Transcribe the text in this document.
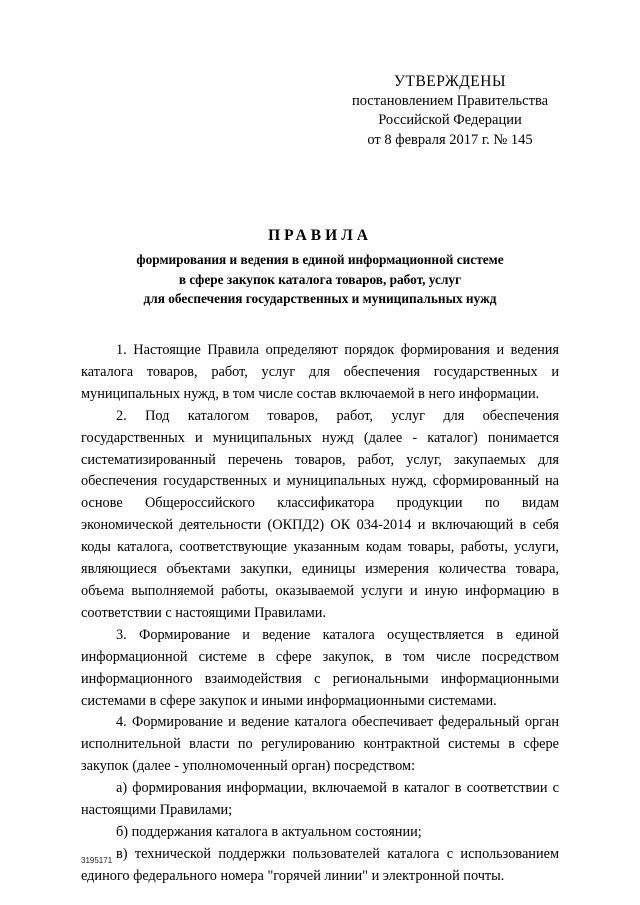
УТВЕРЖДЕНЫ
постановлением Правительства
Российской Федерации
от 8 февраля 2017 г. № 145
ПРАВИЛА
формирования и ведения в единой информационной системе
в сфере закупок каталога товаров, работ, услуг
для обеспечения государственных и муниципальных нужд

1. Настоящие Правила определяют порядок формирования и ведения каталога товаров, работ, услуг для обеспечения государственных и муниципальных нужд, в том числе состав включаемой в него информации.

2. Под каталогом товаров, работ, услуг для обеспечения государственных и муниципальных нужд (далее - каталог) понимается систематизированный перечень товаров, работ, услуг, закупаемых для обеспечения государственных и муниципальных нужд, сформированный на основе Общероссийского классификатора продукции по видам экономической деятельности (ОКПД2) ОК 034-2014 и включающий в себя коды каталога, соответствующие указанным кодам товары, работы, услуги, являющиеся объектами закупки, единицы измерения количества товара, объема выполняемой работы, оказываемой услуги и иную информацию в соответствии с настоящими Правилами.

3. Формирование и ведение каталога осуществляется в единой информационной системе в сфере закупок, в том числе посредством информационного взаимодействия с региональными информационными системами в сфере закупок и иными информационными системами.

4. Формирование и ведение каталога обеспечивает федеральный орган исполнительной власти по регулированию контрактной системы в сфере закупок (далее - уполномоченный орган) посредством:

а) формирования информации, включаемой в каталог в соответствии с настоящими Правилами;

б) поддержания каталога в актуальном состоянии;

в) технической поддержки пользователей каталога с использованием единого федерального номера "горячей линии" и электронной почты.

3195171
